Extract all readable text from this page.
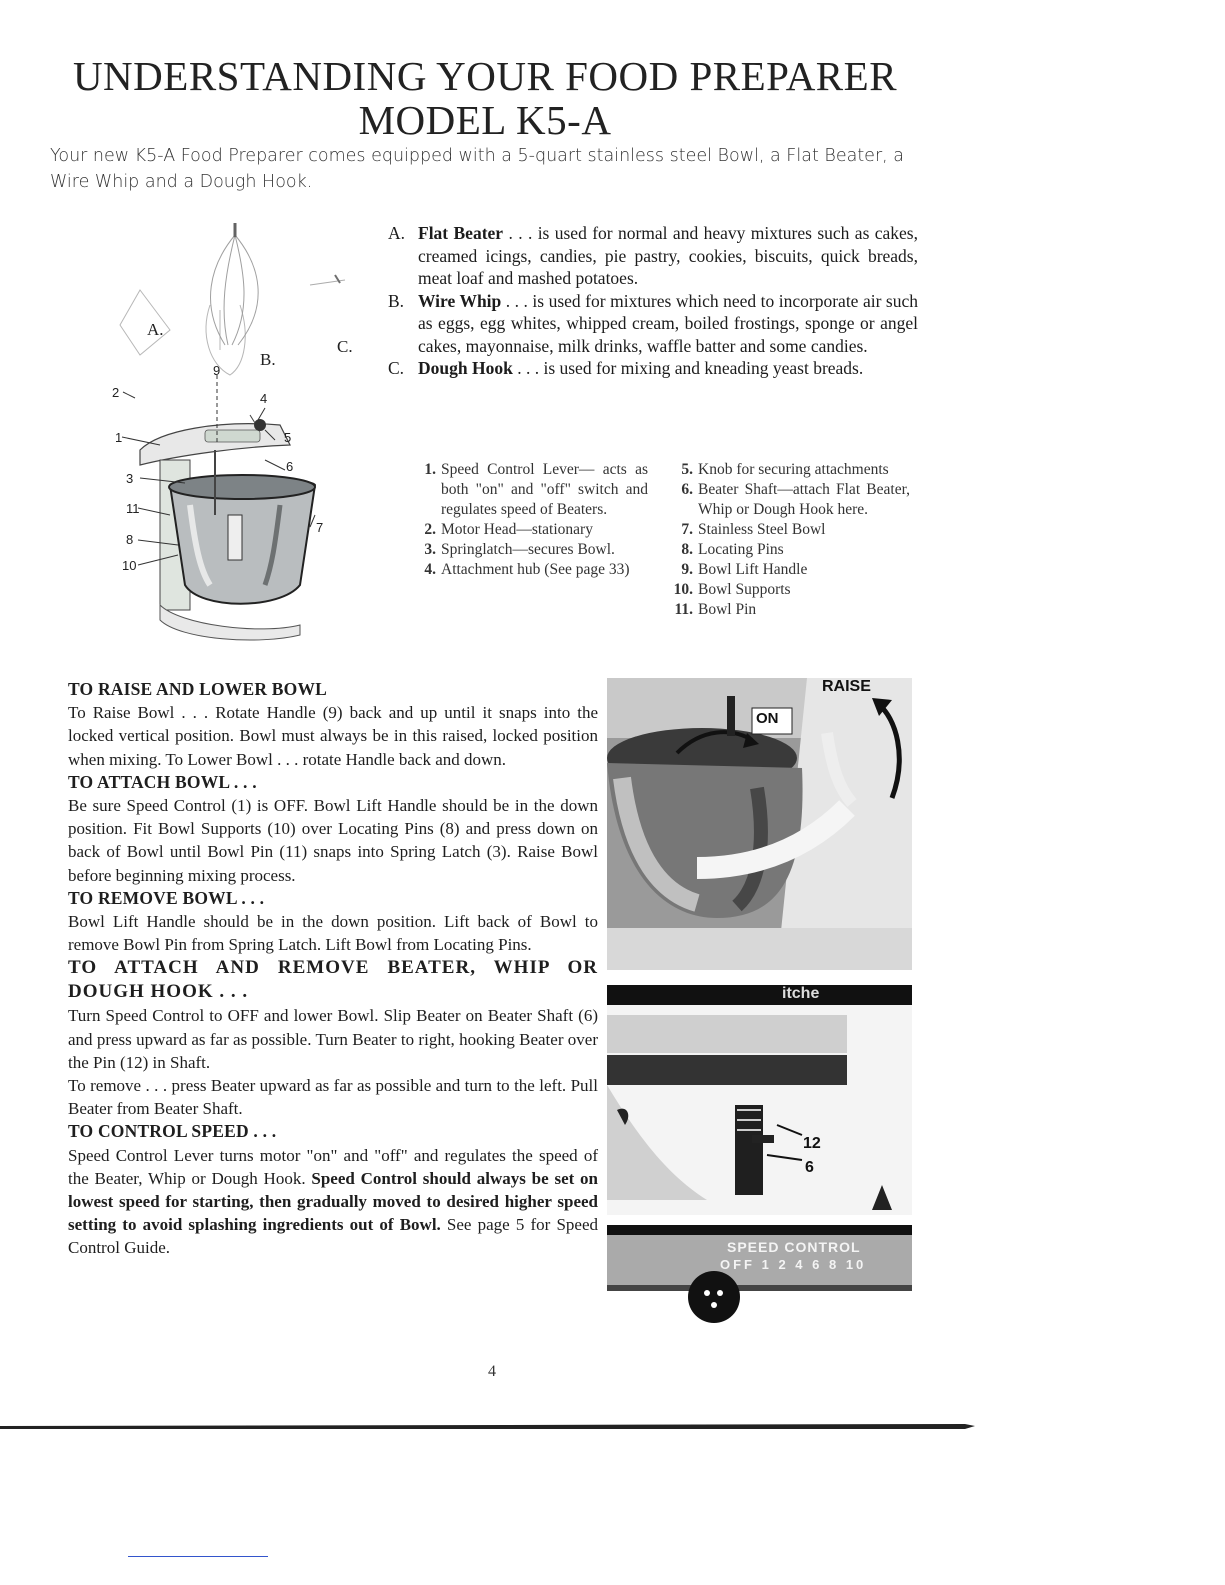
UNDERSTANDING YOUR FOOD PREPARER
MODEL K5-A
Your new K5-A Food Preparer comes equipped with a 5-quart stainless steel Bowl, a Flat Beater, a Wire Whip and a Dough Hook.
A.
B.
C.
2
1
3
11
8
10
9
4
5
6
7
A. Flat Beater . . . is used for normal and heavy mixtures such as cakes, creamed icings, candies, pie pastry, cookies, biscuits, quick breads, meat loaf and mashed potatoes.
B. Wire Whip . . . is used for mixtures which need to incorporate air such as eggs, egg whites, whipped cream, boiled frostings, sponge or angel cakes, mayonnaise, milk drinks, waffle batter and some candies.
C. Dough Hook . . . is used for mixing and kneading yeast breads.
1. Speed Control Lever— acts as both "on" and "off" switch and regulates speed of Beaters.
2. Motor Head—stationary
3. Springlatch—secures Bowl.
4. Attachment hub (See page 33)
5. Knob for securing attachments
6. Beater Shaft—attach Flat Beater, Whip or Dough Hook here.
7. Stainless Steel Bowl
8. Locating Pins
9. Bowl Lift Handle
10. Bowl Supports
11. Bowl Pin
TO RAISE AND LOWER BOWL
To Raise Bowl . . . Rotate Handle (9) back and up until it snaps into the locked vertical position. Bowl must always be in this raised, locked position when mixing. To Lower Bowl . . . rotate Handle back and down.
TO ATTACH BOWL . . .
Be sure Speed Control (1) is OFF. Bowl Lift Handle should be in the down position. Fit Bowl Supports (10) over Locating Pins (8) and press down on back of Bowl until Bowl Pin (11) snaps into Spring Latch (3). Raise Bowl before beginning mixing process.
TO REMOVE BOWL . . .
Bowl Lift Handle should be in the down position. Lift back of Bowl to remove Bowl Pin from Spring Latch. Lift Bowl from Locating Pins.
TO ATTACH AND REMOVE BEATER, WHIP OR DOUGH HOOK . . .
Turn Speed Control to OFF and lower Bowl. Slip Beater on Beater Shaft (6) and press upward as far as possible. Turn Beater to right, hooking Beater over the Pin (12) in Shaft.
To remove . . . press Beater upward as far as possible and turn to the left. Pull Beater from Beater Shaft.
TO CONTROL SPEED . . .
Speed Control Lever turns motor "on" and "off" and regulates the speed of the Beater, Whip or Dough Hook. Speed Control should always be set on lowest speed for starting, then gradually moved to desired higher speed setting to avoid splashing ingredients out of Bowl. See page 5 for Speed Control Guide.
RAISE
ON
itche
12
6
SPEED CONTROL
OFF 1 2 4 6 8 10
4
